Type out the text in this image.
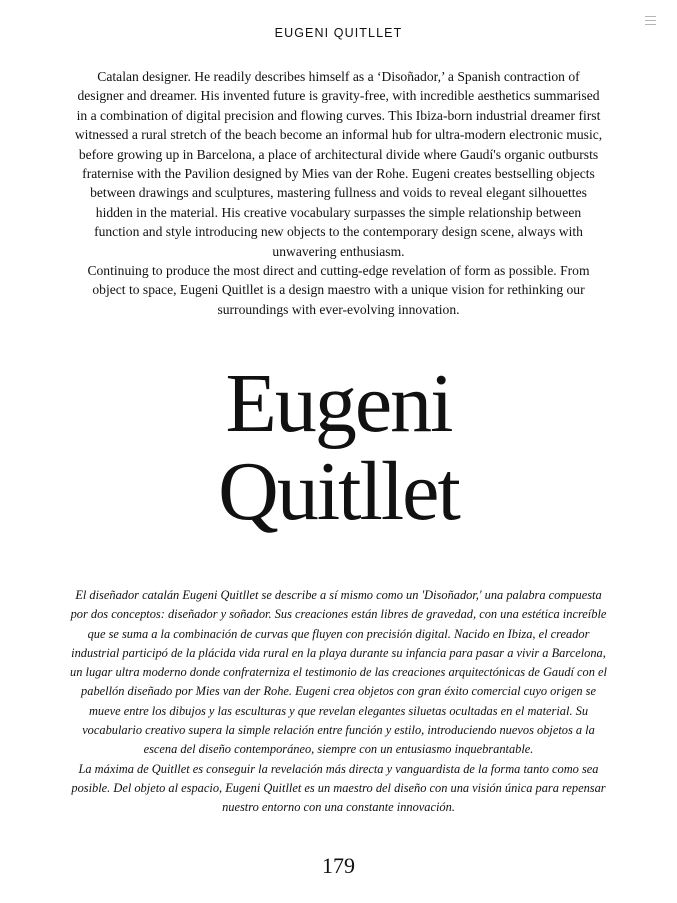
EUGENI QUITLLET

Catalan designer. He readily describes himself as a ‘Disoñador,’ a Spanish contraction of designer and dreamer. His invented future is gravity-free, with incredible aesthetics summarised in a combination of digital precision and flowing curves. This Ibiza-born industrial dreamer first witnessed a rural stretch of the beach become an informal hub for ultra-modern electronic music, before growing up in Barcelona, a place of architectural divide where Gaudí's organic outbursts fraternise with the Pavilion designed by Mies van der Rohe. Eugeni creates bestselling objects between drawings and sculptures, mastering fullness and voids to reveal elegant silhouettes hidden in the material. His creative vocabulary surpasses the simple relationship between function and style introducing new objects to the contemporary design scene, always with unwavering enthusiasm.

Continuing to produce the most direct and cutting-edge revelation of form as possible. From object to space, Eugeni Quitllet is a design maestro with a unique vision for rethinking our surroundings with ever-evolving innovation.

Eugeni
Quitllet

El diseñador catalán Eugeni Quitllet se describe a sí mismo como un 'Disoñador,' una palabra compuesta por dos conceptos: diseñador y soñador. Sus creaciones están libres de gravedad, con una estética increíble que se suma a la combinación de curvas que fluyen con precisión digital. Nacido en Ibiza, el creador industrial participó de la plácida vida rural en la playa durante su infancia para pasar a vivir a Barcelona, un lugar ultra moderno donde confraterniza el testimonio de las creaciones arquitectónicas de Gaudí con el pabellón diseñado por Mies van der Rohe. Eugeni crea objetos con gran éxito comercial cuyo origen se mueve entre los dibujos y las esculturas y que revelan elegantes siluetas ocultadas en el material. Su vocabulario creativo supera la simple relación entre función y estilo, introduciendo nuevos objetos a la escena del diseño contemporáneo, siempre con un entusiasmo inquebrantable.

La máxima de Quitllet es conseguir la revelación más directa y vanguardista de la forma tanto como sea posible. Del objeto al espacio, Eugeni Quitllet es un maestro del diseño con una visión única para repensar nuestro entorno con una constante innovación.

179
